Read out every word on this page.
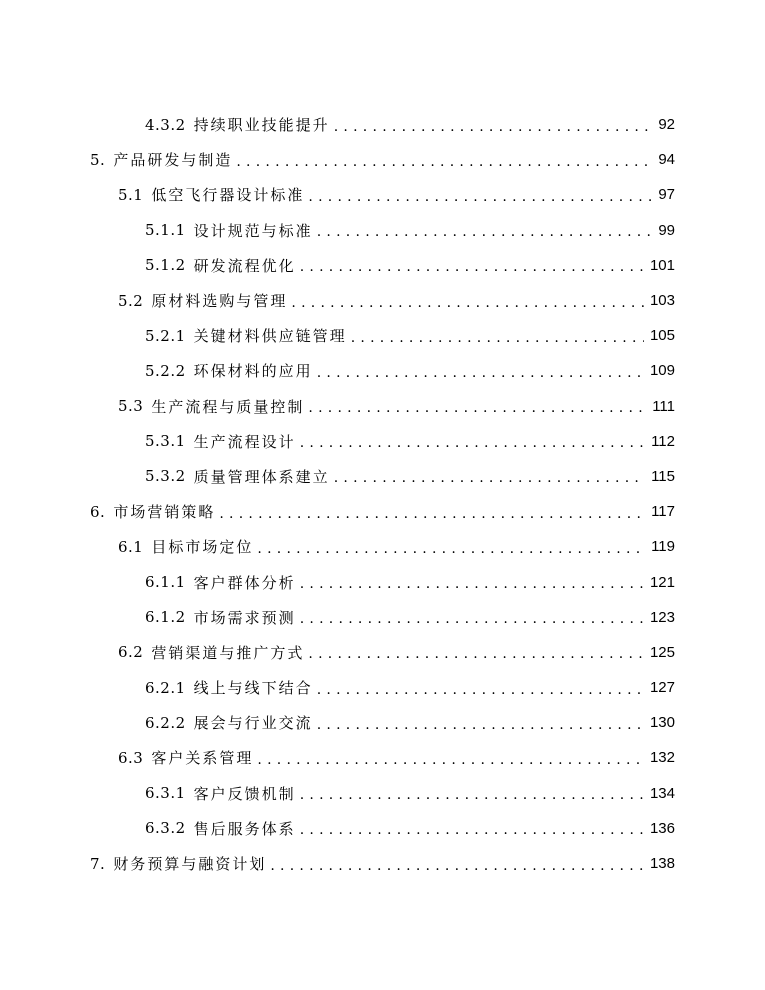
4.3.2 持续职业技能提升 . . .	92
5. 产品研发与制造 . . .	94
5.1 低空飞行器设计标准 . . .	97
5.1.1 设计规范与标准 . . .	99
5.1.2 研发流程优化 . . .	101
5.2 原材料选购与管理 . . .	103
5.2.1 关键材料供应链管理 . . .	105
5.2.2 环保材料的应用 . . .	109
5.3 生产流程与质量控制 . . .	111
5.3.1 生产流程设计 . . .	112
5.3.2 质量管理体系建立 . . .	115
6. 市场营销策略 . . .	117
6.1 目标市场定位 . . .	119
6.1.1 客户群体分析 . . .	121
6.1.2 市场需求预测 . . .	123
6.2 营销渠道与推广方式 . . .	125
6.2.1 线上与线下结合 . . .	127
6.2.2 展会与行业交流 . . .	130
6.3 客户关系管理 . . .	132
6.3.1 客户反馈机制 . . .	134
6.3.2 售后服务体系 . . .	136
7. 财务预算与融资计划 . . .	138
